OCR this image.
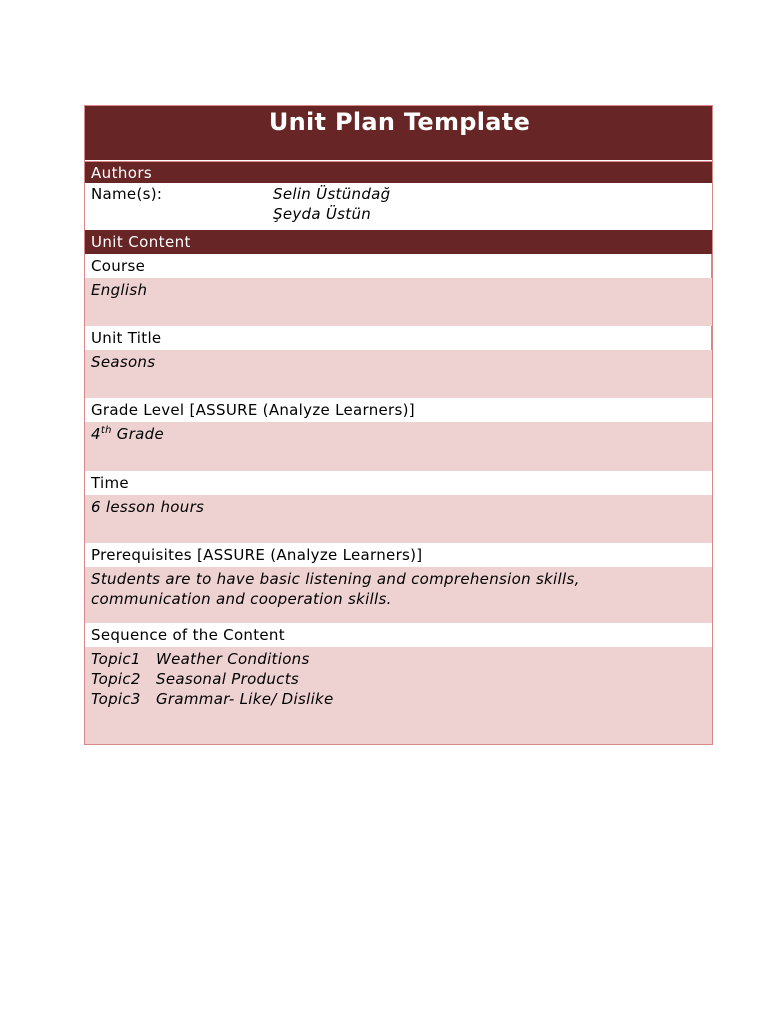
Unit Plan Template
Authors
Name(s):	Selin Üstündağ
Şeyda Üstün
Unit Content
Course
English
Unit Title
Seasons
Grade Level [ASSURE (Analyze Learners)]
4th Grade
Time
6 lesson hours
Prerequisites [ASSURE (Analyze Learners)]
Students are to have basic listening and comprehension skills,
communication and cooperation skills.
Sequence of the Content
Topic1 Weather Conditions
Topic2 Seasonal Products
Topic3 Grammar- Like/ Dislike
